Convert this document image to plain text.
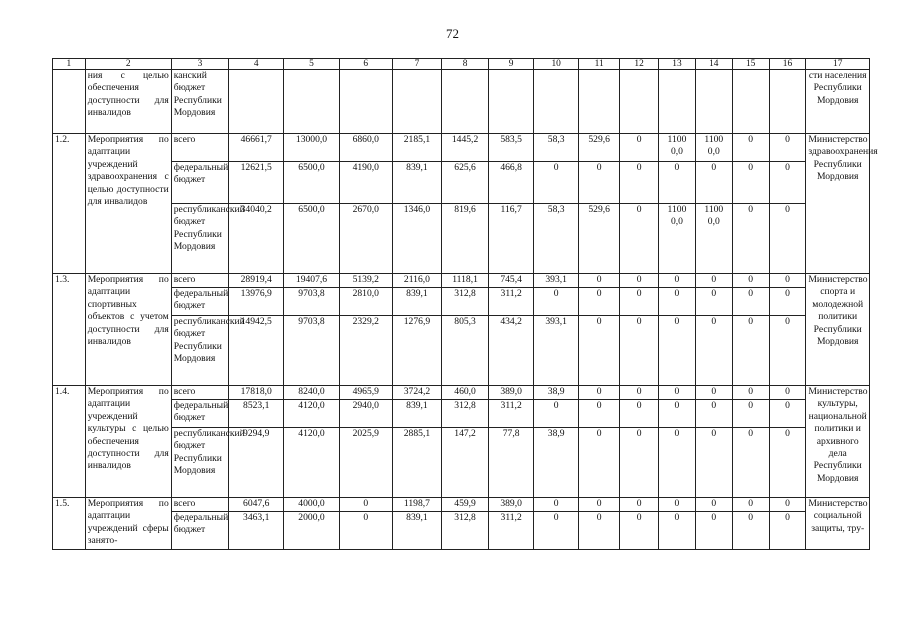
72
1	2	3	4	5	6	7	8	9	10	11	12	13	14	15	16	17
	ния с целью обеспечения доступности для инвалидов	канский бюджет Республики Мордовия														сти населения Республики Мордовия
1.2.	Мероприятия по адаптации учреждений здравоохранения с целью доступности для инвалидов	всего	46661,7	13000,0	6860,0	2185,1	1445,2	583,5	58,3	529,6	0	1100 0,0	1100 0,0	0	0	Министерство здравоохранения Республики Мордовия
		федеральный бюджет	12621,5	6500,0	4190,0	839,1	625,6	466,8	0	0	0	0	0	0	0	
		республиканский бюджет Республики Мордовия	34040,2	6500,0	2670,0	1346,0	819,6	116,7	58,3	529,6	0	1100 0,0	1100 0,0	0	0	
1.3.	Мероприятия по адаптации спортивных объектов с учетом доступности для инвалидов	всего	28919,4	19407,6	5139,2	2116,0	1118,1	745,4	393,1	0	0	0	0	0	0	Министерство спорта и молодежной политики Республики Мордовия
		федеральный бюджет	13976,9	9703,8	2810,0	839,1	312,8	311,2	0	0	0	0	0	0	0	
		республиканский бюджет Республики Мордовия	14942,5	9703,8	2329,2	1276,9	805,3	434,2	393,1	0	0	0	0	0	0	
1.4.	Мероприятия по адаптации учреждений культуры с целью обеспечения доступности для инвалидов	всего	17818,0	8240,0	4965,9	3724,2	460,0	389,0	38,9	0	0	0	0	0	0	Министерство культуры, национальной политики и архивного дела Республики Мордовия
		федеральный бюджет	8523,1	4120,0	2940,0	839,1	312,8	311,2	0	0	0	0	0	0	0	
		республиканский бюджет Республики Мордовия	9294,9	4120,0	2025,9	2885,1	147,2	77,8	38,9	0	0	0	0	0	0	
1.5.	Мероприятия по адаптации учреждений сферы занято-	всего	6047,6	4000,0	0	1198,7	459,9	389,0	0	0	0	0	0	0	0	Министерство социальной защиты, тру-
		федеральный бюджет	3463,1	2000,0	0	839,1	312,8	311,2	0	0	0	0	0	0	0	
